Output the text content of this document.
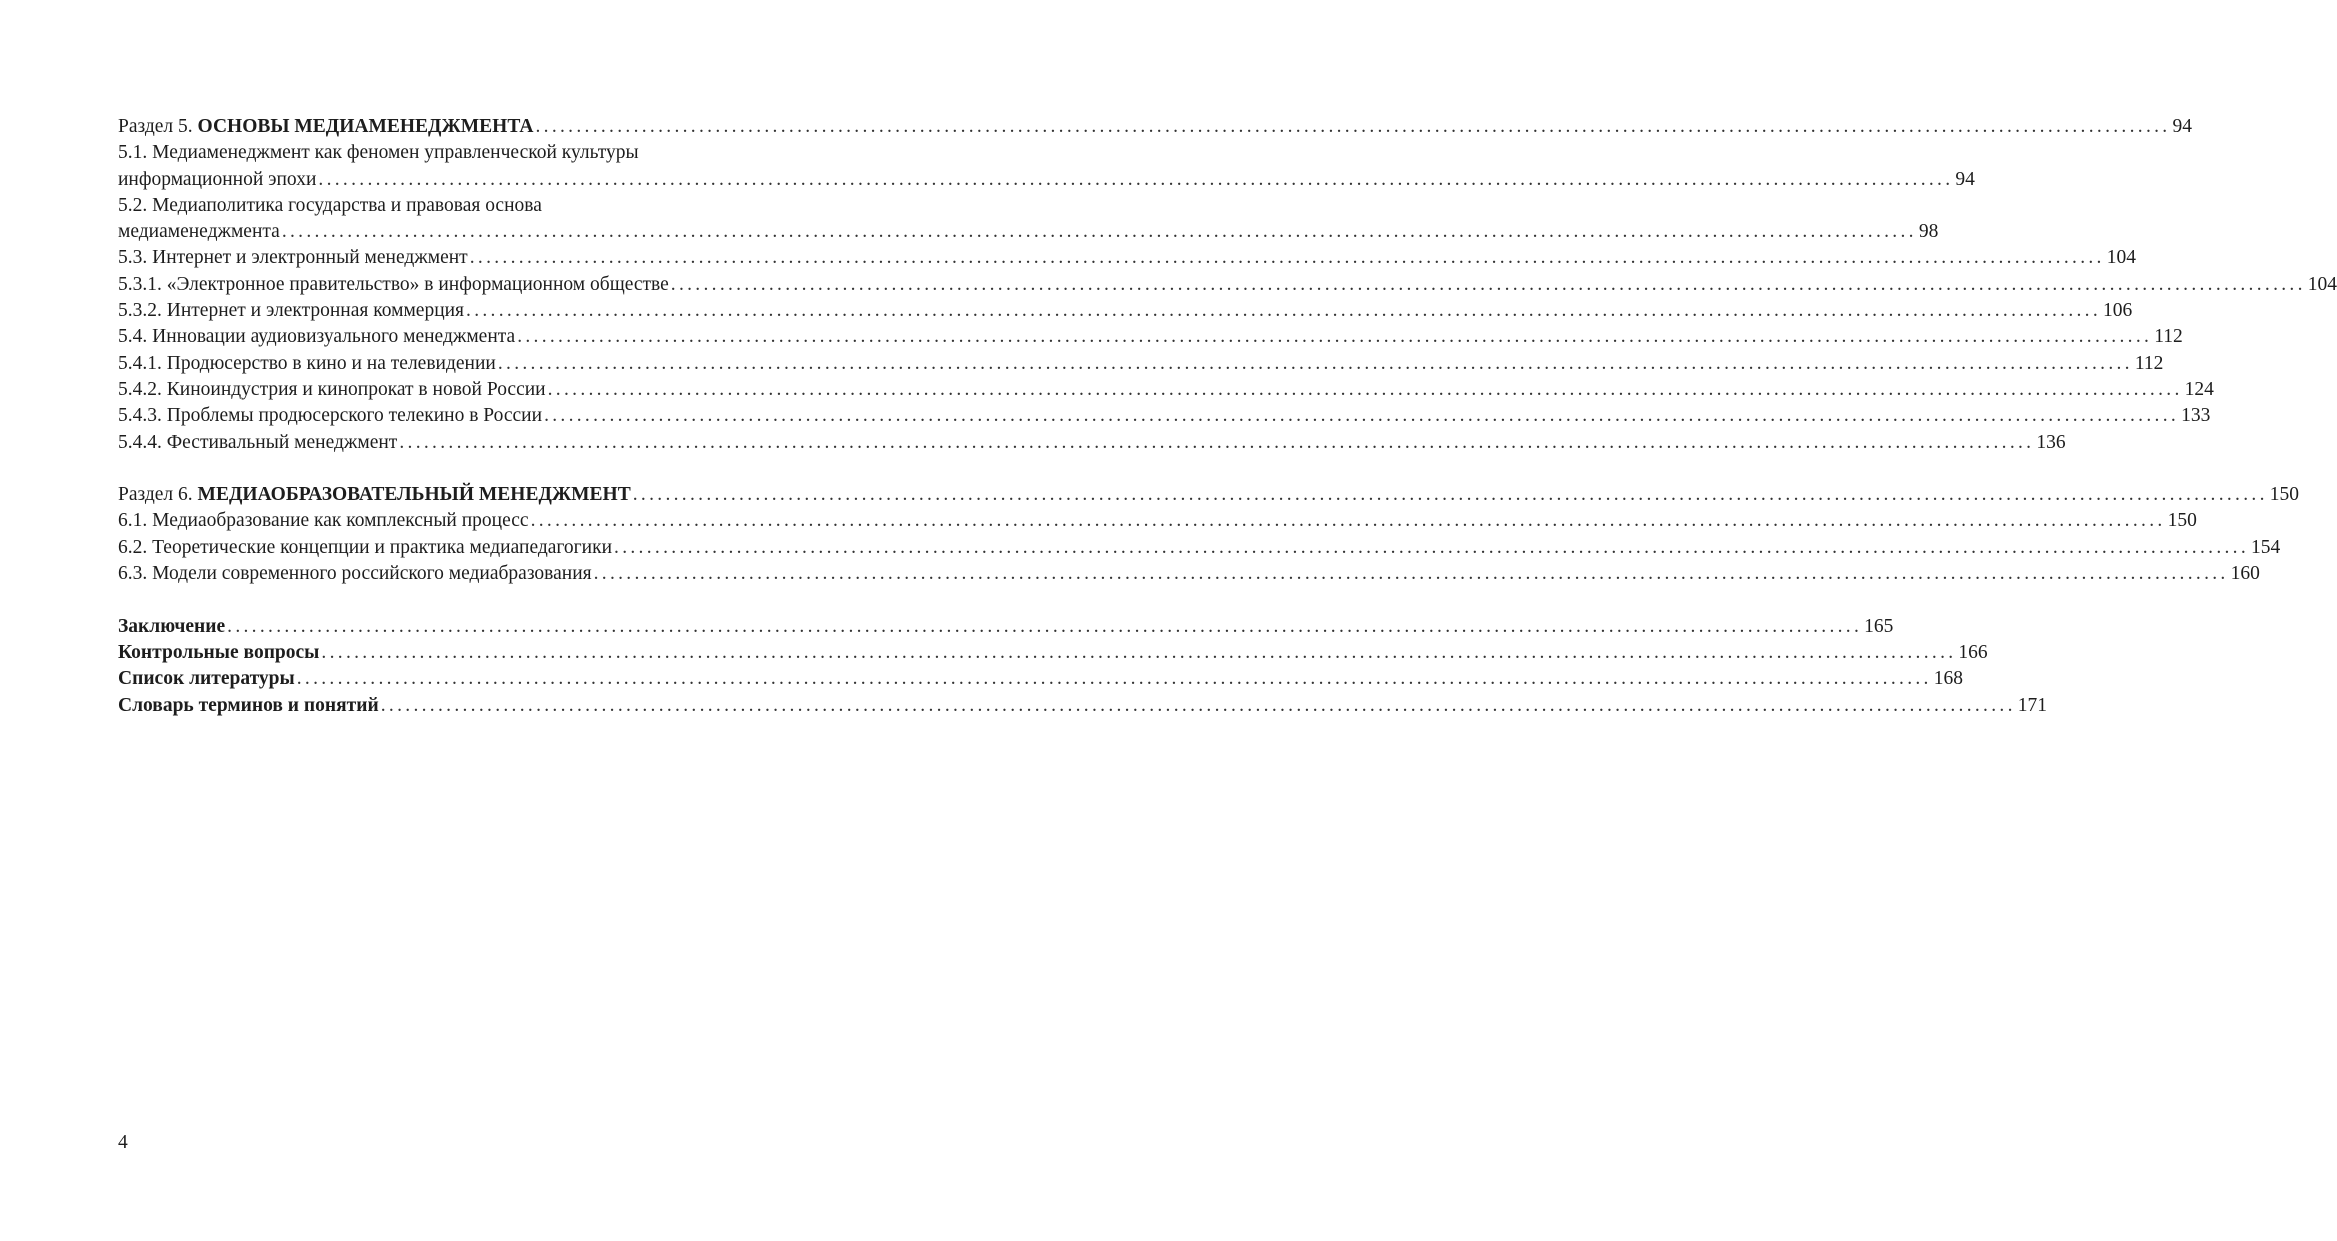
Раздел 5. ОСНОВЫ МЕДИАМЕНЕДЖМЕНТА ........................................................................................................................................................................................................ 94
5.1. Медиаменеджмент как феномен управленческой культуры
информационной эпохи ........................................................................................................................................................................................................ 94
5.2. Медиаполитика государства и правовая основа
медиаменеджмента ........................................................................................................................................................................................................ 98
5.3. Интернет и электронный менеджмент ........................................................................................................................................................................................................ 104
5.3.1. «Электронное правительство» в информационном обществе ........................................................................................................................................................................................................ 104
5.3.2. Интернет и электронная коммерция ........................................................................................................................................................................................................ 106
5.4. Инновации аудиовизуального менеджмента ........................................................................................................................................................................................................ 112
5.4.1. Продюсерство в кино и на телевидении ........................................................................................................................................................................................................ 112
5.4.2. Киноиндустрия и кинопрокат в новой России ........................................................................................................................................................................................................ 124
5.4.3. Проблемы продюсерского телекино в России ........................................................................................................................................................................................................ 133
5.4.4. Фестивальный менеджмент ........................................................................................................................................................................................................ 136
Раздел 6. МЕДИАОБРАЗОВАТЕЛЬНЫЙ МЕНЕДЖМЕНТ ........................................................................................................................................................................................................ 150
6.1. Медиаобразование как комплексный процесс ........................................................................................................................................................................................................ 150
6.2. Теоретические концепции и практика медиапедагогики ........................................................................................................................................................................................................ 154
6.3. Модели современного российского медиабразования ........................................................................................................................................................................................................ 160
Заключение ........................................................................................................................................................................................................ 165
Контрольные вопросы ........................................................................................................................................................................................................ 166
Список литературы ........................................................................................................................................................................................................ 168
Словарь терминов и понятий ........................................................................................................................................................................................................ 171
4
